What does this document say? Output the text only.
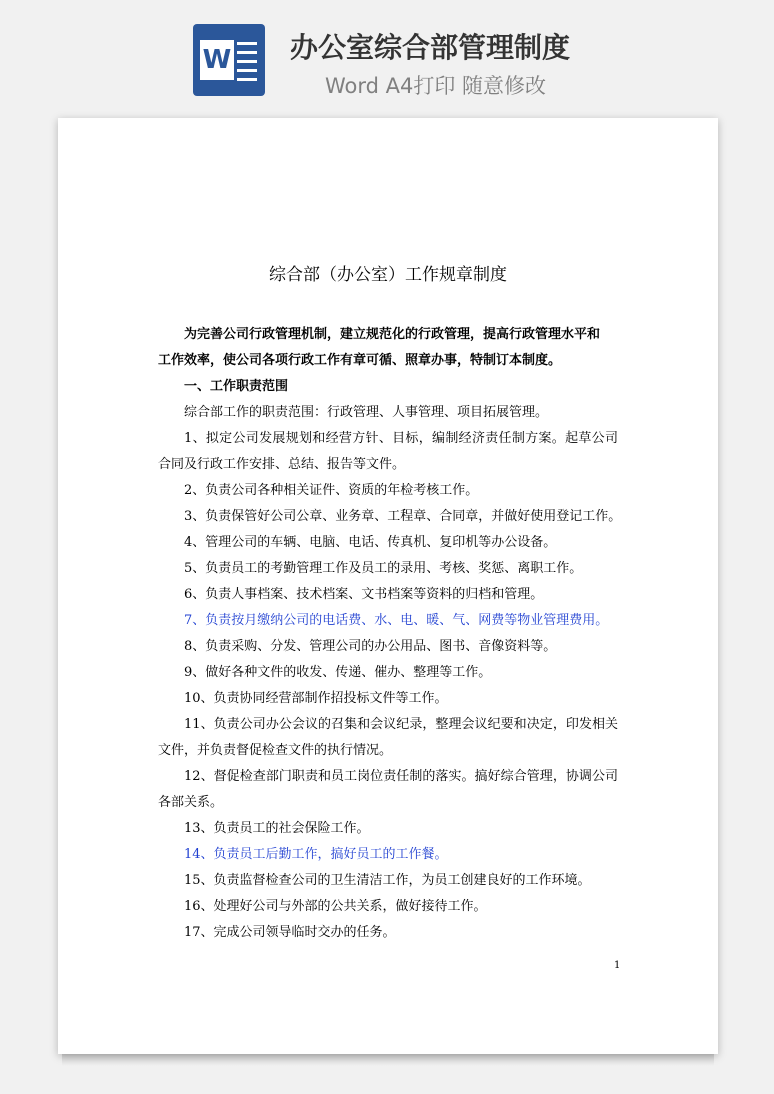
W 办公室综合部管理制度
Word A4打印 随意修改
综合部（办公室）工作规章制度
为完善公司行政管理机制，建立规范化的行政管理，提高行政管理水平和
工作效率，使公司各项行政工作有章可循、照章办事，特制订本制度。
一、工作职责范围
综合部工作的职责范围：行政管理、人事管理、项目拓展管理。
1、拟定公司发展规划和经营方针、目标，编制经济责任制方案。起草公司合同及行政工作安排、总结、报告等文件。
2、负责公司各种相关证件、资质的年检考核工作。
3、负责保管好公司公章、业务章、工程章、合同章，并做好使用登记工作。
4、管理公司的车辆、电脑、电话、传真机、复印机等办公设备。
5、负责员工的考勤管理工作及员工的录用、考核、奖惩、离职工作。
6、负责人事档案、技术档案、文书档案等资料的归档和管理。
7、负责按月缴纳公司的电话费、水、电、暖、气、网费等物业管理费用。
8、负责采购、分发、管理公司的办公用品、图书、音像资料等。
9、做好各种文件的收发、传递、催办、整理等工作。
10、负责协同经营部制作招投标文件等工作。
11、负责公司办公会议的召集和会议纪录，整理会议纪要和决定，印发相关文件，并负责督促检查文件的执行情况。
12、督促检查部门职责和员工岗位责任制的落实。搞好综合管理，协调公司各部关系。
13、负责员工的社会保险工作。
14、负责员工后勤工作，搞好员工的工作餐。
15、负责监督检查公司的卫生清洁工作，为员工创建良好的工作环境。
16、处理好公司与外部的公共关系，做好接待工作。
17、完成公司领导临时交办的任务。
1
